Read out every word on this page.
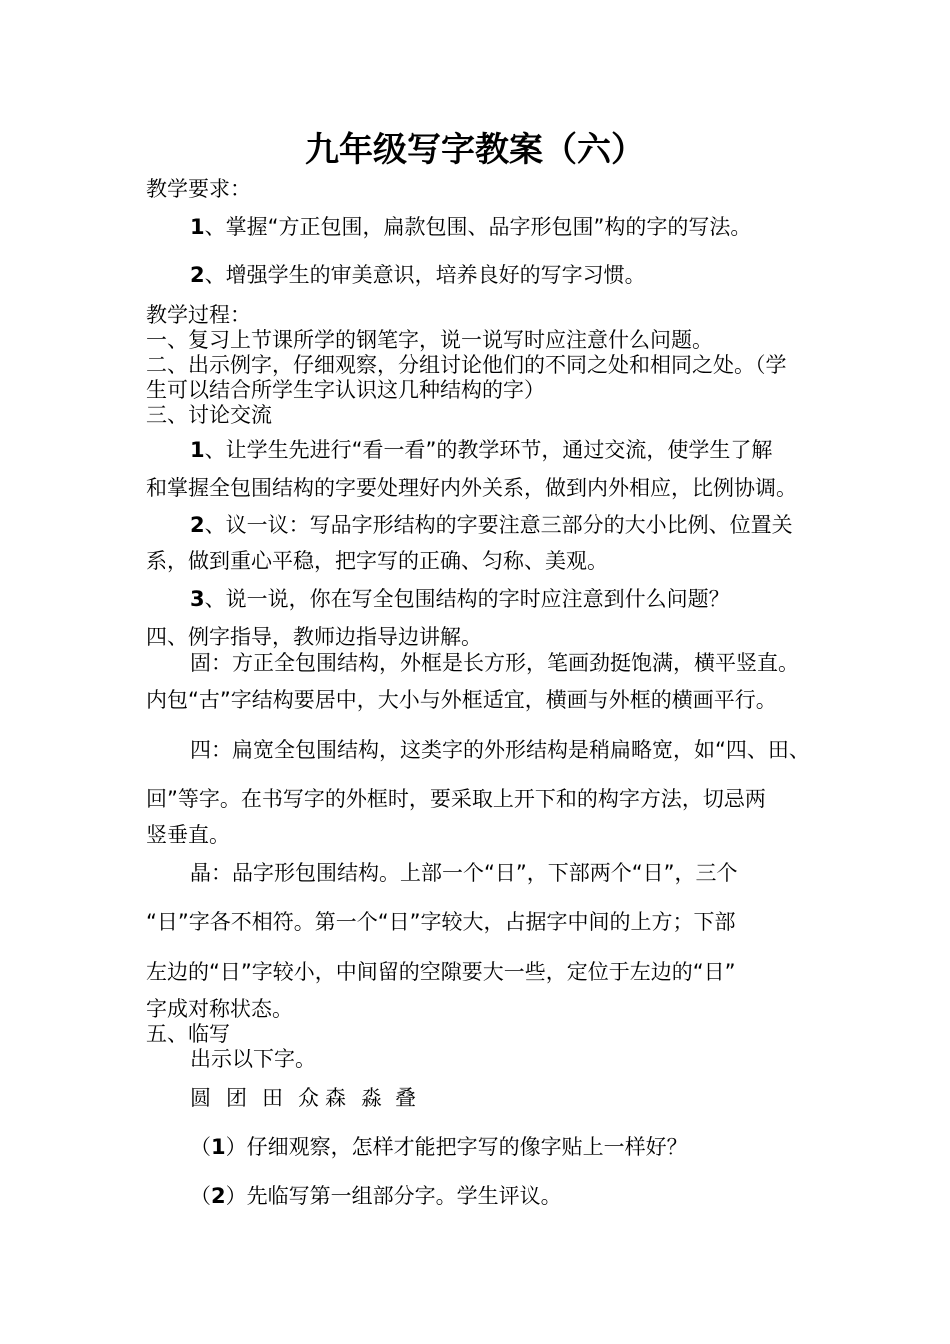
九年级写字教案（六）
教学要求：
1、掌握“方正包围，扁款包围、品字形包围”构的字的写法。
2、增强学生的审美意识，培养良好的写字习惯。
教学过程：
一、复习上节课所学的钢笔字，说一说写时应注意什么问题。
二、出示例字，仔细观察，分组讨论他们的不同之处和相同之处。（学
生可以结合所学生字认识这几种结构的字）
三、讨论交流
1、让学生先进行“看一看”的教学环节，通过交流，使学生了解
和掌握全包围结构的字要处理好内外关系，做到内外相应，比例协调。
2、议一议：写品字形结构的字要注意三部分的大小比例、位置关
系，做到重心平稳，把字写的正确、匀称、美观。
3、说一说，你在写全包围结构的字时应注意到什么问题？
四、例字指导，教师边指导边讲解。
固：方正全包围结构，外框是长方形，笔画劲挺饱满，横平竖直。
内包“古”字结构要居中，大小与外框适宜，横画与外框的横画平行。
四：扁宽全包围结构，这类字的外形结构是稍扁略宽，如“四、田、
回”等字。在书写字的外框时，要采取上开下和的构字方法，切忌两
竖垂直。
晶：品字形包围结构。上部一个“日”，下部两个“日”，三个
“日”字各不相符。第一个“日”字较大，占据字中间的上方；下部
左边的“日”字较小，中间留的空隙要大一些，定位于左边的“日”
字成对称状态。
五、临写
出示以下字。
圆 团 田 众 森 淼 叠
（1）仔细观察，怎样才能把字写的像字贴上一样好？
（2）先临写第一组部分字。学生评议。
